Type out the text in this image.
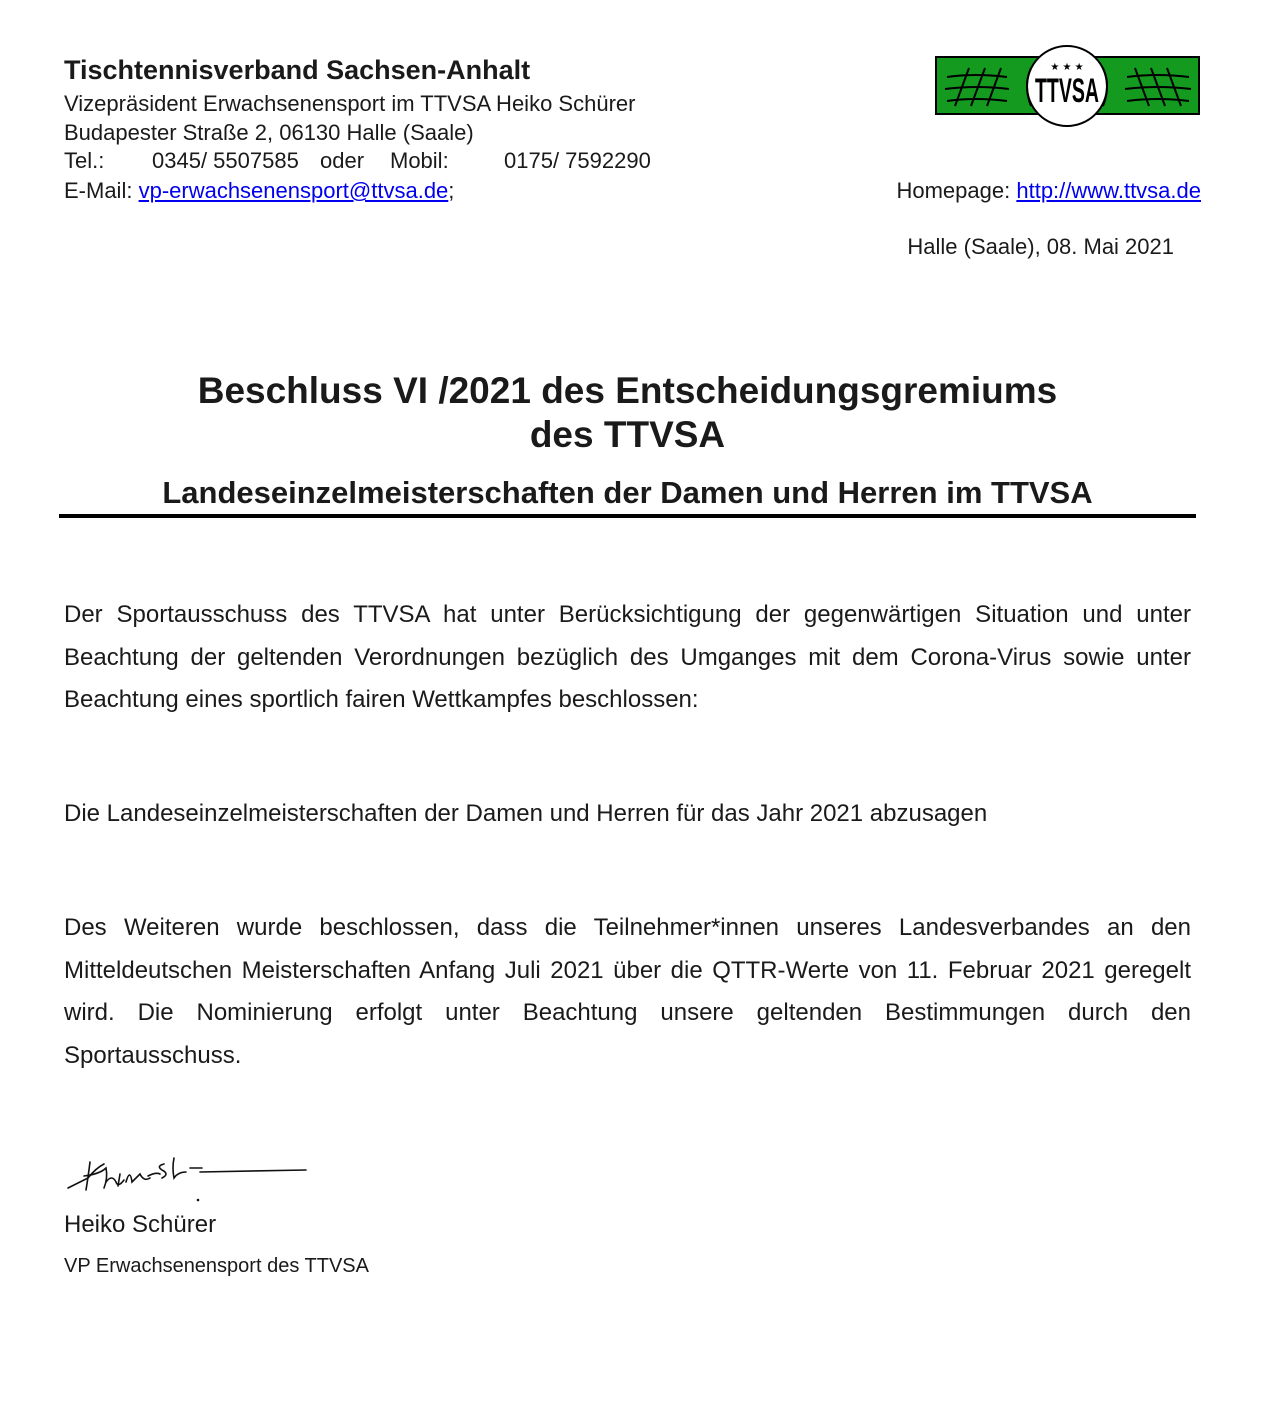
Tischtennisverband Sachsen-Anhalt
Vizepräsident Erwachsenensport im TTVSA Heiko Schürer
Budapester Straße 2, 06130 Halle (Saale)
Tel.: 0345/ 5507585 oder Mobil:	0175/ 7592290
E-Mail: vp-erwachsenensport@ttvsa.de;	Homepage: http://www.ttvsa.de
Halle (Saale), 08. Mai 2021
★ ★ ★
TTVSA
Beschluss VI /2021 des Entscheidungsgremiums
des TTVSA
Landeseinzelmeisterschaften der Damen und Herren im TTVSA
Der Sportausschuss des TTVSA hat unter Berücksichtigung der gegenwärtigen Situation und unter Beachtung der geltenden Verordnungen bezüglich des Umganges mit dem Corona-Virus sowie unter Beachtung eines sportlich fairen Wettkampfes beschlossen:
Die Landeseinzelmeisterschaften der Damen und Herren für das Jahr 2021 abzusagen
Des Weiteren wurde beschlossen, dass die Teilnehmer*innen unseres Landesverbandes an den Mitteldeutschen Meisterschaften Anfang Juli 2021 über die QTTR-Werte von 11. Februar 2021 geregelt wird. Die Nominierung erfolgt unter Beachtung unsere geltenden Bestimmungen durch den Sportausschuss.
Heiko Schürer
VP Erwachsenensport des TTVSA
